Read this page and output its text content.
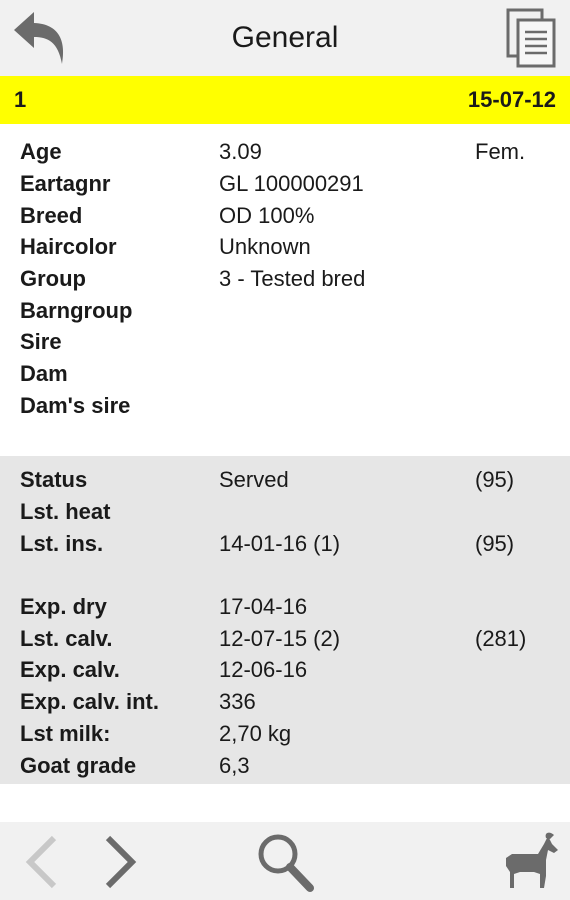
General
1	15-07-12
Age	3.09	Fem.
Eartagnr	GL 100000291
Breed	OD 100%
Haircolor	Unknown
Group	3 - Tested bred
Barngroup
Sire
Dam
Dam's sire
Status	Served	(95)
Lst. heat
Lst. ins.	14-01-16 (1)	(95)
Exp. dry	17-04-16
Lst. calv.	12-07-15 (2)	(281)
Exp. calv.	12-06-16
Exp. calv. int.	336
Lst milk:	2,70 kg
Goat grade	6,3
